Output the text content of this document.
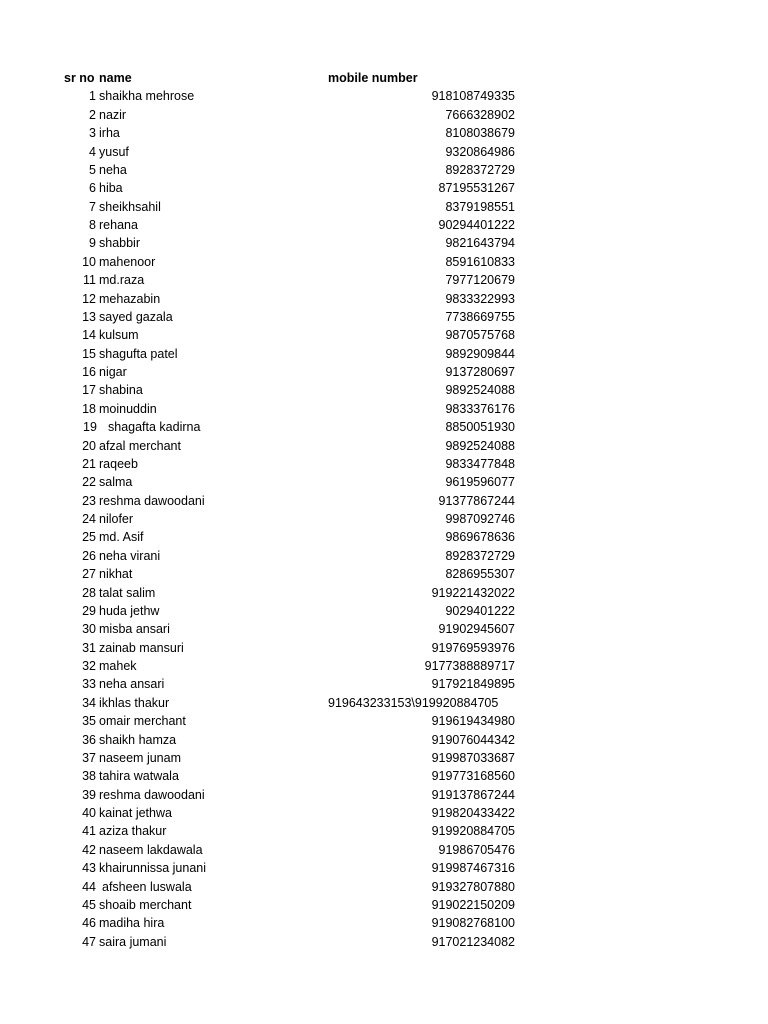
sr no name	mobile number
1 shaikha mehrose	918108749335
2 nazir	7666328902
3 irha	8108038679
4 yusuf	9320864986
5 neha	8928372729
6 hiba	87195531267
7 sheikhsahil	8379198551
8 rehana	90294401222
9 shabbir	9821643794
10 mahenoor	8591610833
11 md.raza	7977120679
12 mehazabin	9833322993
13 sayed gazala	7738669755
14 kulsum	9870575768
15 shagufta patel	9892909844
16 nigar	9137280697
17 shabina	9892524088
18 moinuddin	9833376176
19 shagafta kadirna	8850051930
20 afzal merchant	9892524088
21 raqeeb	9833477848
22 salma	9619596077
23 reshma dawoodani	91377867244
24 nilofer	9987092746
25 md. Asif	9869678636
26 neha virani	8928372729
27 nikhat	8286955307
28 talat salim	919221432022
29 huda jethw	9029401222
30 misba ansari	91902945607
31 zainab mansuri	919769593976
32 mahek	9177388889717
33 neha ansari	917921849895
34 ikhlas thakur	919643233153\919920884705
35 omair merchant	919619434980
36 shaikh hamza	919076044342
37 naseem junam	919987033687
38 tahira watwala	919773168560
39 reshma dawoodani	919137867244
40 kainat jethwa	919820433422
41 aziza thakur	919920884705
42 naseem lakdawala	91986705476
43 khairunnissa junani	919987467316
44 afsheen luswala	919327807880
45 shoaib merchant	919022150209
46 madiha hira	919082768100
47 saira jumani	917021234082
